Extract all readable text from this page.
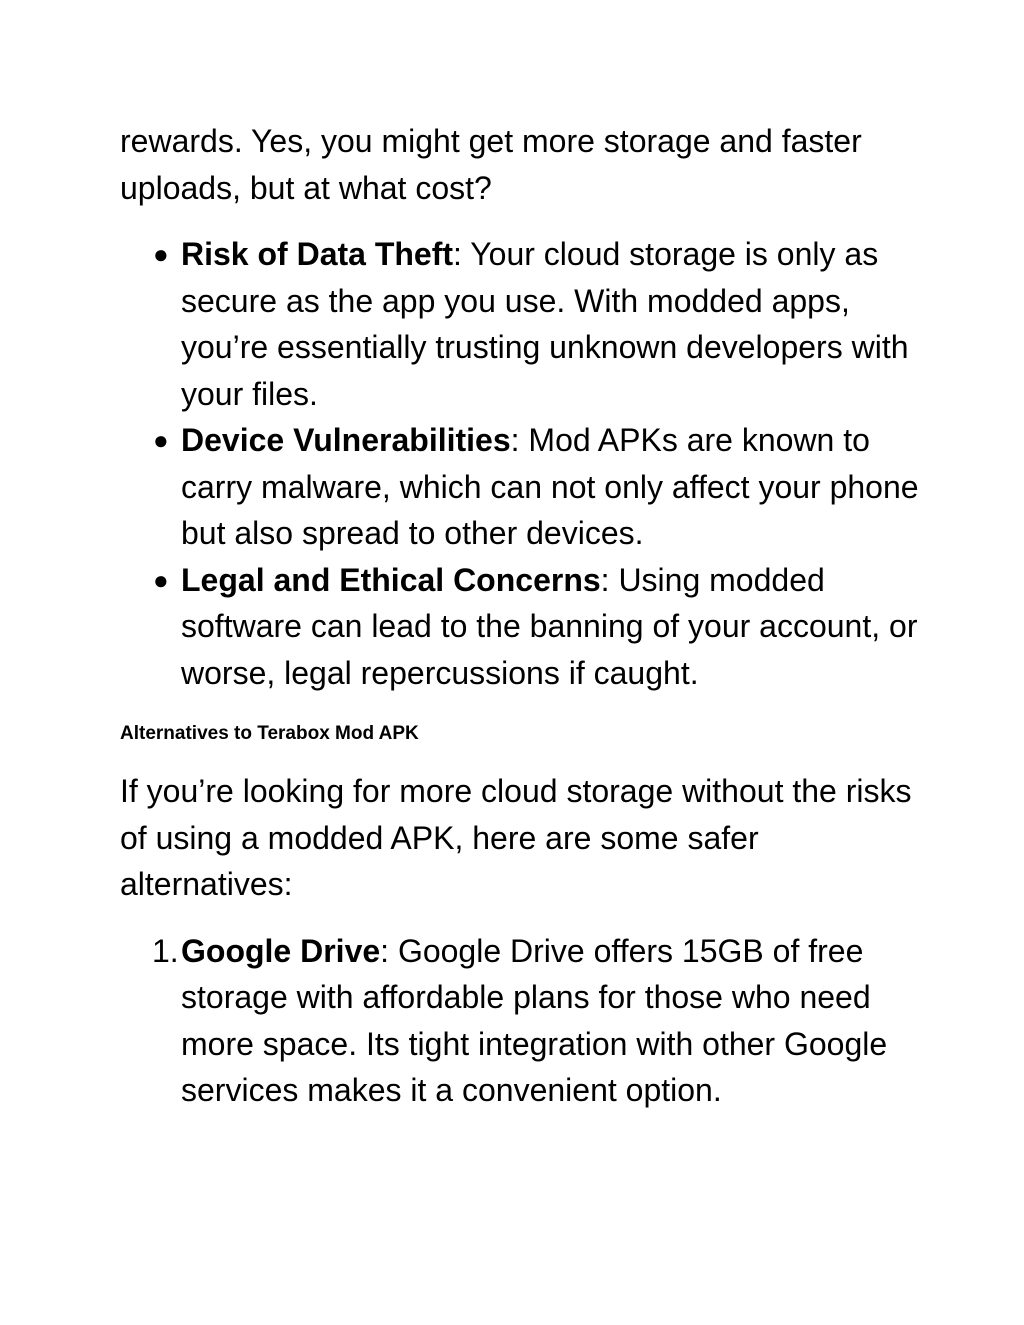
rewards. Yes, you might get more storage and faster uploads, but at what cost?

● Risk of Data Theft: Your cloud storage is only as secure as the app you use. With modded apps, you’re essentially trusting unknown developers with your files.
● Device Vulnerabilities: Mod APKs are known to carry malware, which can not only affect your phone but also spread to other devices.
● Legal and Ethical Concerns: Using modded software can lead to the banning of your account, or worse, legal repercussions if caught.
Alternatives to Terabox Mod APK

If you’re looking for more cloud storage without the risks of using a modded APK, here are some safer alternatives:

1. Google Drive: Google Drive offers 15GB of free storage with affordable plans for those who need more space. Its tight integration with other Google services makes it a convenient option.
